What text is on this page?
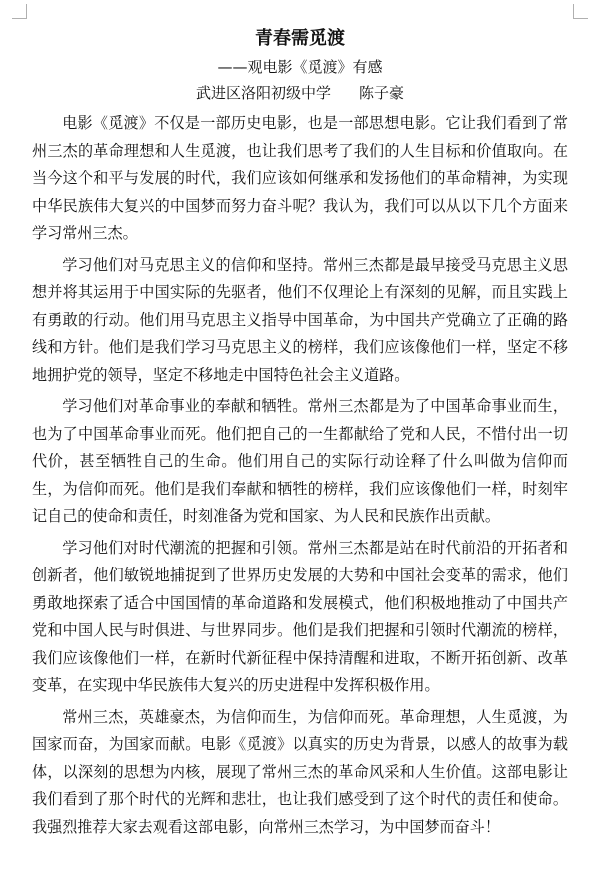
青春需觅渡

——观电影《觅渡》有感

武进区洛阳初级中学 陈子豪

电影《觅渡》不仅是一部历史电影，也是一部思想电影。它让我们看到了常州三杰的革命理想和人生觅渡，也让我们思考了我们的人生目标和价值取向。在当今这个和平与发展的时代，我们应该如何继承和发扬他们的革命精神，为实现中华民族伟大复兴的中国梦而努力奋斗呢？我认为，我们可以从以下几个方面来学习常州三杰。

学习他们对马克思主义的信仰和坚持。常州三杰都是最早接受马克思主义思想并将其运用于中国实际的先驱者，他们不仅理论上有深刻的见解，而且实践上有勇敢的行动。他们用马克思主义指导中国革命，为中国共产党确立了正确的路线和方针。他们是我们学习马克思主义的榜样，我们应该像他们一样，坚定不移地拥护党的领导，坚定不移地走中国特色社会主义道路。

学习他们对革命事业的奉献和牺牲。常州三杰都是为了中国革命事业而生，也为了中国革命事业而死。他们把自己的一生都献给了党和人民，不惜付出一切代价，甚至牺牲自己的生命。他们用自己的实际行动诠释了什么叫做为信仰而生，为信仰而死。他们是我们奉献和牺牲的榜样，我们应该像他们一样，时刻牢记自己的使命和责任，时刻准备为党和国家、为人民和民族作出贡献。

学习他们对时代潮流的把握和引领。常州三杰都是站在时代前沿的开拓者和创新者，他们敏锐地捕捉到了世界历史发展的大势和中国社会变革的需求，他们勇敢地探索了适合中国国情的革命道路和发展模式，他们积极地推动了中国共产党和中国人民与时俱进、与世界同步。他们是我们把握和引领时代潮流的榜样，我们应该像他们一样，在新时代新征程中保持清醒和进取，不断开拓创新、改革变革，在实现中华民族伟大复兴的历史进程中发挥积极作用。

常州三杰，英雄豪杰，为信仰而生，为信仰而死。革命理想，人生觅渡，为国家而奋，为国家而献。电影《觅渡》以真实的历史为背景，以感人的故事为载体，以深刻的思想为内核，展现了常州三杰的革命风采和人生价值。这部电影让我们看到了那个时代的光辉和悲壮，也让我们感受到了这个时代的责任和使命。我强烈推荐大家去观看这部电影，向常州三杰学习，为中国梦而奋斗！
